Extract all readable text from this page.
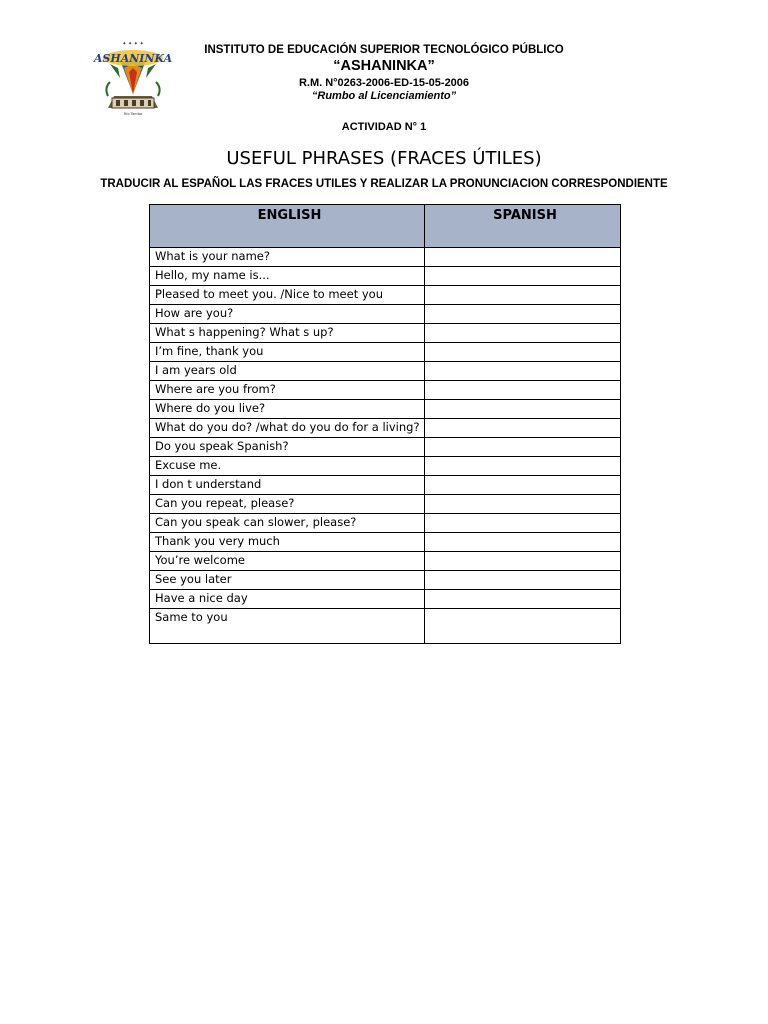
ASHANINKA
✦ ✦ ✦ ✦
Río Tambo
INSTITUTO DE EDUCACIÓN SUPERIOR TECNOLÓGICO PÚBLICO
“ASHANINKA”
R.M. N°0263-2006-ED-15-05-2006
“Rumbo al Licenciamiento”
ACTIVIDAD N° 1
USEFUL PHRASES (FRACES ÚTILES)
TRADUCIR AL ESPAÑOL LAS FRACES UTILES Y REALIZAR LA PRONUNCIACION CORRESPONDIENTE
ENGLISH	SPANISH
What is your name?	
Hello, my name is...	
Pleased to meet you. /Nice to meet you	
How are you?	
What s happening? What s up?	
I’m fine, thank you	
I am years old	
Where are you from?	
Where do you live?	
What do you do? /what do you do for a living?	
Do you speak Spanish?	
Excuse me.	
I don t understand	
Can you repeat, please?	
Can you speak can slower, please?	
Thank you very much	
You’re welcome	
See you later	
Have a nice day	
Same to you	
